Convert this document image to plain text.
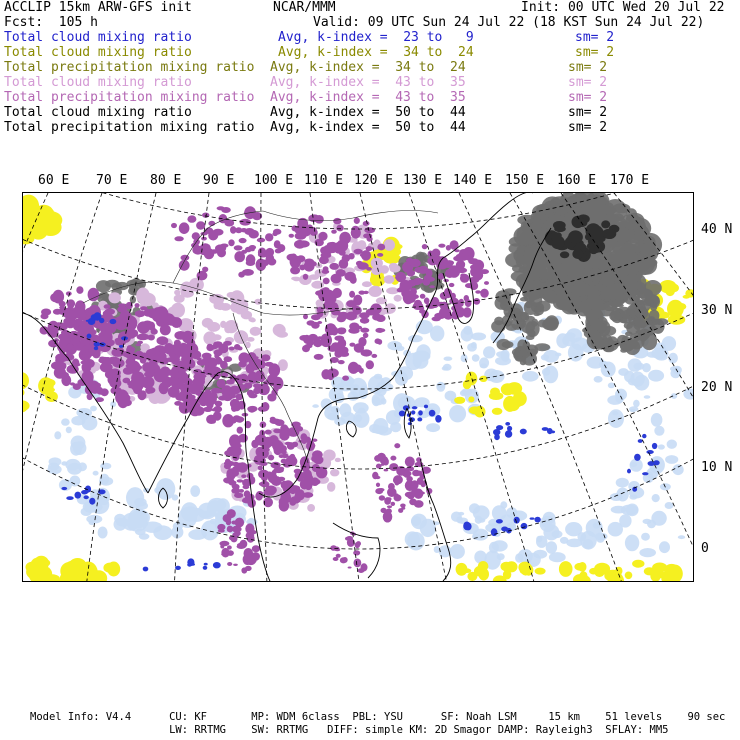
ACCLIP 15km ARW-GFS init	NCAR/MMM	Init: 00 UTC Wed 20 Jul 22
Fcst:  105 h	Valid: 09 UTC Sun 24 Jul 22 (18 KST Sun 24 Jul 22)
Total cloud mixing ratio	Avg, k-index =  23 to   9	sm= 2
Total cloud mixing ratio	Avg, k-index =  34 to  24	sm= 2
Total precipitation mixing ratio Avg, k-index =  34 to  24	sm= 2
Total cloud mixing ratio	Avg, k-index =  43 to  35	sm= 2
Total precipitation mixing ratio Avg, k-index =  43 to  35	sm= 2
Total cloud mixing ratio	Avg, k-index =  50 to  44	sm= 2
Total precipitation mixing ratio Avg, k-index =  50 to  44	sm= 2
60 E 70 E 80 E 90 E 100 E 110 E 120 E 130 E 140 E 150 E 160 E 170 E
40 N
30 N
20 N
10 N
0
Model Info: V4.4      CU: KF       MP: WDM 6class  PBL: YSU      SF: Noah LSM     15 km    51 levels    90 sec
LW: RRTMG    SW: RRTMG   DIFF: simple KM: 2D Smagor DAMP: Rayleigh3  SFLAY: MM5
